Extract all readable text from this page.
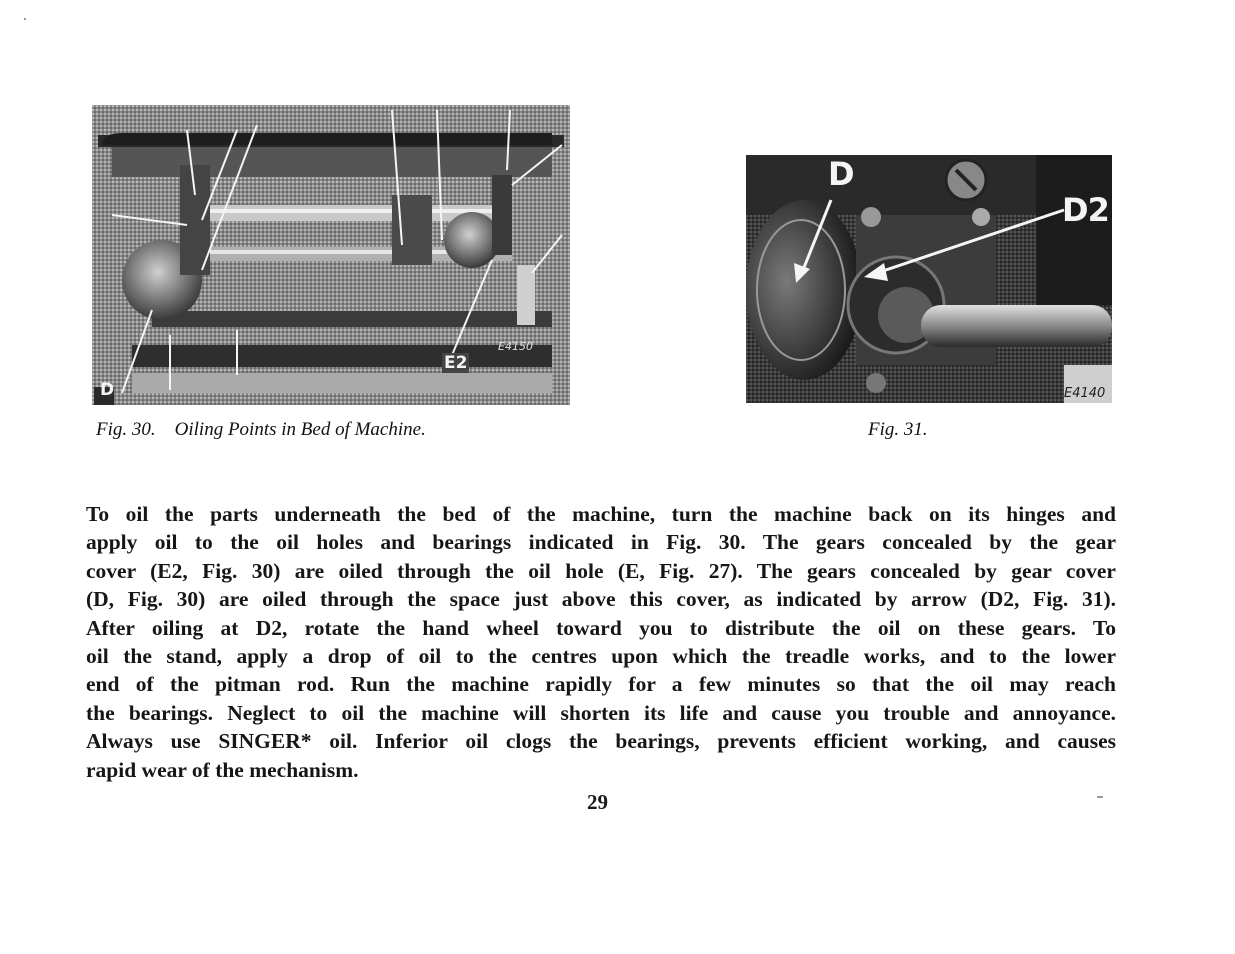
D
E2
E4150
D
D2
E4140
Fig. 30.    Oiling Points in Bed of Machine.	Fig. 31.
To oil the parts underneath the bed of the machine, turn the machine back on its hinges and
apply oil to the oil holes and bearings indicated in Fig. 30. The gears concealed by the gear
cover (E2, Fig. 30) are oiled through the oil hole (E, Fig. 27). The gears concealed by gear cover
(D, Fig. 30) are oiled through the space just above this cover, as indicated by arrow (D2, Fig. 31).
After oiling at D2, rotate the hand wheel toward you to distribute the oil on these gears. To
oil the stand, apply a drop of oil to the centres upon which the treadle works, and to the lower
end of the pitman rod. Run the machine rapidly for a few minutes so that the oil may reach
the bearings. Neglect to oil the machine will shorten its life and cause you trouble and annoyance.
Always use SINGER* oil. Inferior oil clogs the bearings, prevents efficient working, and causes
rapid wear of the mechanism.
29
